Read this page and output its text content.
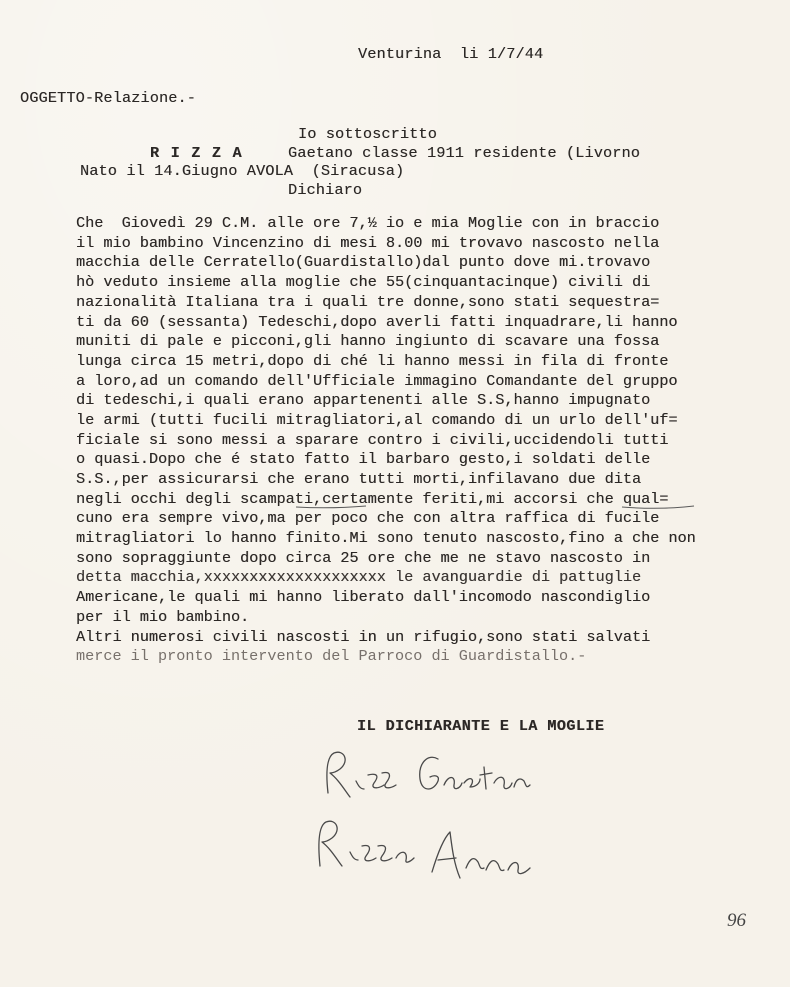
Venturina  li 1/7/44
OGGETTO-Relazione.-
Io sottoscritto
R I Z Z A	Gaetano classe 1911 residente (Livorno
Nato il 14.Giugno AVOLA  (Siracusa)
Dichiaro
Che  Giovedì 29 C.M. alle ore 7,½ io e mia Moglie con in braccio
il mio bambino Vincenzino di mesi 8.00 mi trovavo nascosto nella
macchia delle Cerratello(Guardistallo)dal punto dove mi.trovavo
hò veduto insieme alla moglie che 55(cinquantacinque) civili di
nazionalità Italiana tra i quali tre donne,sono stati sequestra=
ti da 60 (sessanta) Tedeschi,dopo averli fatti inquadrare,li hanno
muniti di pale e picconi,gli hanno ingiunto di scavare una fossa
lunga circa 15 metri,dopo di ché li hanno messi in fila di fronte
a loro,ad un comando dell'Ufficiale immagino Comandante del gruppo
di tedeschi,i quali erano appartenenti alle S.S,hanno impugnato
le armi (tutti fucili mitragliatori,al comando di un urlo dell'uf=
ficiale si sono messi a sparare contro i civili,uccidendoli tutti
o quasi.Dopo che é stato fatto il barbaro gesto,i soldati delle
S.S.,per assicurarsi che erano tutti morti,infilavano due dita
negli occhi degli scampati,certamente feriti,mi accorsi che qual=
cuno era sempre vivo,ma per poco che con altra raffica di fucile
mitragliatori lo hanno finito.Mi sono tenuto nascosto,fino a che non
sono sopraggiunte dopo circa 25 ore che me ne stavo nascosto in
detta macchia,xxxxxxxxxxxxxxxxxxxx le avanguardie di pattuglie
Americane,le quali mi hanno liberato dall'incomodo nascondiglio
per il mio bambino.
Altri numerosi civili nascosti in un rifugio,sono stati salvati
merce il pronto intervento del Parroco di Guardistallo.-
IL DICHIARANTE E LA MOGLIE
96
